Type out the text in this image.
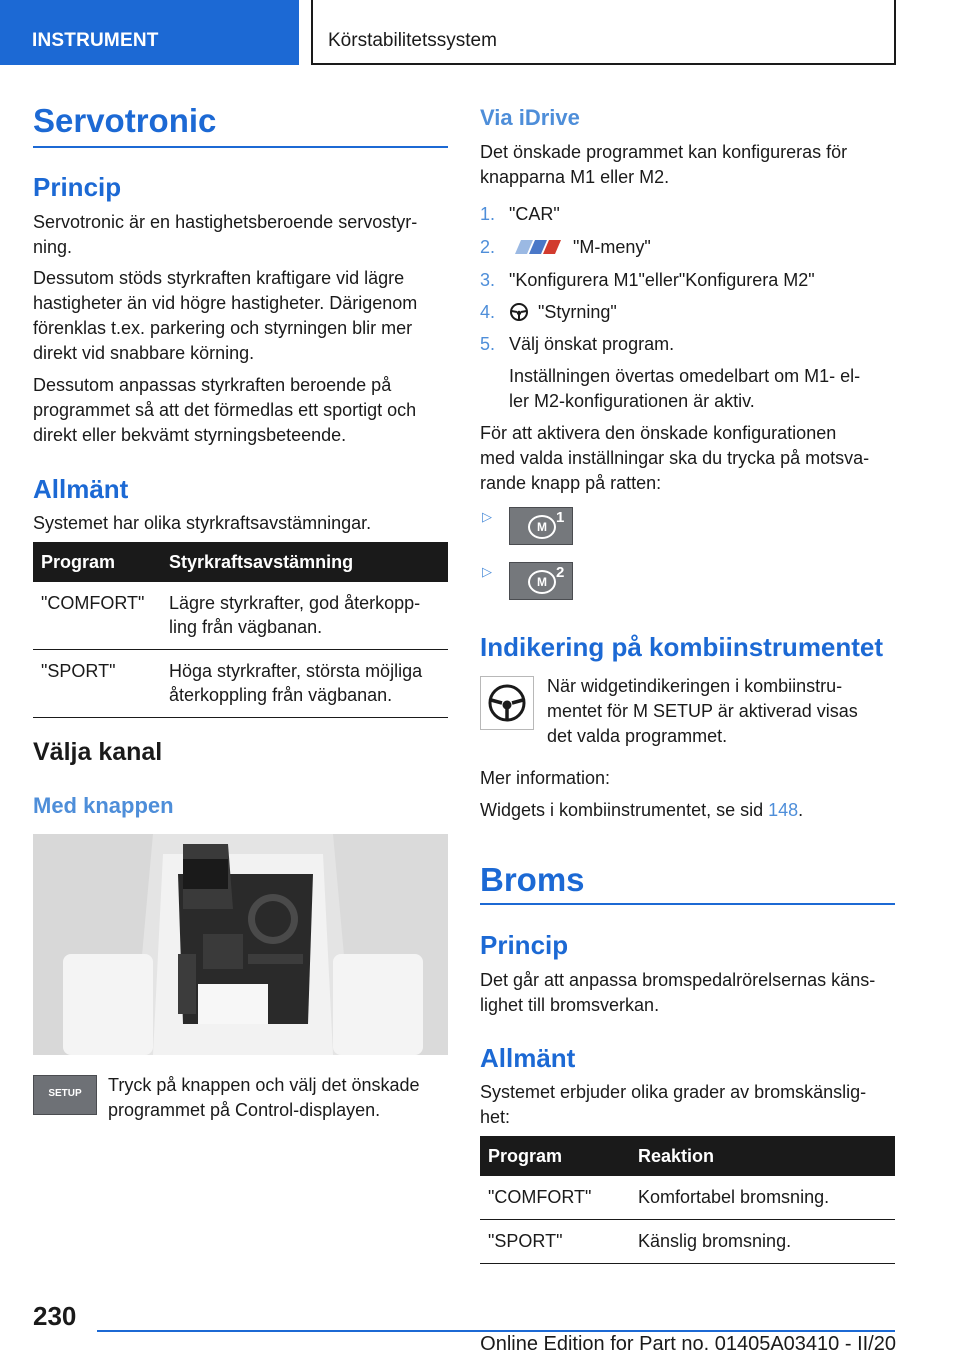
INSTRUMENT	Körstabilitetssystem
Servotronic
Princip
Servotronic är en hastighetsberoende servostyr-
ning.
Dessutom stöds styrkraften kraftigare vid lägre
hastigheter än vid högre hastigheter. Därigenom
förenklas t.ex. parkering och styrningen blir mer
direkt vid snabbare körning.
Dessutom anpassas styrkraften beroende på
programmet så att det förmedlas ett sportigt och
direkt eller bekvämt styrningsbeteende.
Allmänt
Systemet har olika styrkraftsavstämningar.
Program	Styrkraftsavstämning
"COMFORT"	Lägre styrkrafter, god återkopp-
ling från vägbanan.

"SPORT"	Höga styrkrafter, största möjliga
återkoppling från vägbanan.
Välja kanal
Med knappen
SETUP	Tryck på knappen och välj det önskade
programmet på Control-displayen.
Via iDrive
Det önskade programmet kan konfigureras för
knapparna M1 eller M2.
1. "CAR"
2.	"M-meny"
3. "Konfigurera M1"eller"Konfigurera M2"
4. "Styrning"
5. Välj önskat program.
Inställningen övertas omedelbart om M1- el-
ler M2-konfigurationen är aktiv.
För att aktivera den önskade konfigurationen
med valda inställningar ska du trycka på motsva-
rande knapp på ratten:
▷
M
1
▷
M
2
Indikering på kombiinstrumentet
När widgetindikeringen i kombiinstru-
mentet för M SETUP är aktiverad visas
det valda programmet.
Mer information:
Widgets i kombiinstrumentet, se sid 148.
Broms
Princip
Det går att anpassa bromspedalrörelsernas käns-
lighet till bromsverkan.
Allmänt
Systemet erbjuder olika grader av bromskänslig-
het:
Program	Reaktion
"COMFORT"	Komfortabel bromsning.
"SPORT"	Känslig bromsning.
230
Online Edition for Part no. 01405A03410 - II/20
